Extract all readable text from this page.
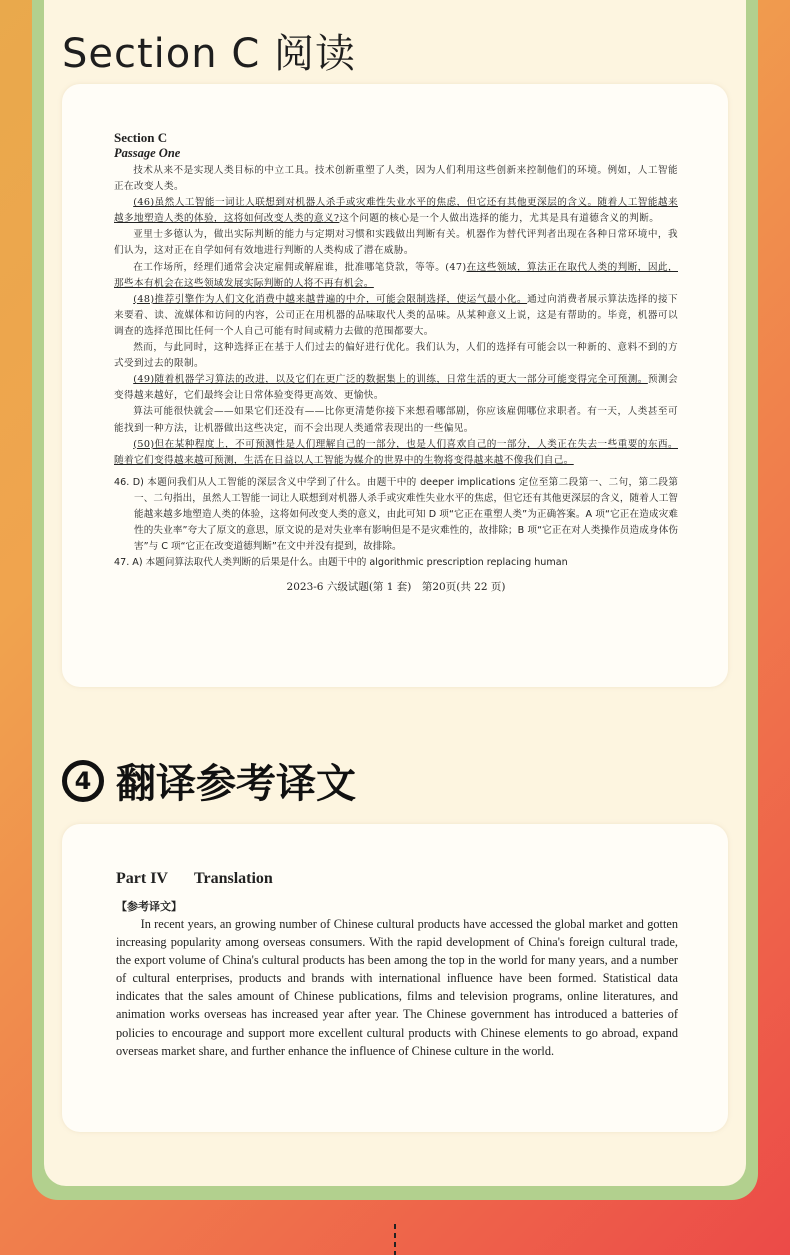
Section C 阅读
Section C
Passage One

技术从来不是实现人类目标的中立工具。技术创新重塑了人类，因为人们利用这些创新来控制他们的环境。例如，人工智能正在改变人类。

(46)虽然人工智能一词让人联想到对机器人杀手或灾难性失业水平的焦虑，但它还有其他更深层的含义。随着人工智能越来越多地塑造人类的体验，这将如何改变人类的意义?这个问题的核心是一个人做出选择的能力，尤其是具有道德含义的判断。

亚里士多德认为，做出实际判断的能力与定期对习惯和实践做出判断有关。机器作为替代评判者出现在各种日常环境中，我们认为，这对正在自学如何有效地进行判断的人类构成了潜在威胁。

在工作场所，经理们通常会决定雇佣或解雇谁，批准哪笔贷款，等等。(47)在这些领域，算法正在取代人类的判断，因此，那些本有机会在这些领域发展实际判断的人将不再有机会。

(48)推荐引擎作为人们文化消费中越来越普遍的中介，可能会限制选择，使运气最小化。通过向消费者展示算法选择的接下来要看、读、流媒体和访问的内容，公司正在用机器的品味取代人类的品味。从某种意义上说，这是有帮助的。毕竟，机器可以调查的选择范围比任何一个人自己可能有时间或精力去做的范围都要大。

然而，与此同时，这种选择正在基于人们过去的偏好进行优化。我们认为，人们的选择有可能会以一种新的、意料不到的方式受到过去的限制。

(49)随着机器学习算法的改进，以及它们在更广泛的数据集上的训练，日常生活的更大一部分可能变得完全可预测。预测会变得越来越好，它们最终会让日常体验变得更高效、更愉快。

算法可能很快就会——如果它们还没有——比你更清楚你接下来想看哪部剧，你应该雇佣哪位求职者。有一天，人类甚至可能找到一种方法，让机器做出这些决定，而不会出现人类通常表现出的一些偏见。

(50)但在某种程度上，不可预测性是人们理解自己的一部分，也是人们喜欢自己的一部分，人类正在失去一些重要的东西。随着它们变得越来越可预测，生活在日益以人工智能为媒介的世界中的生物将变得越来越不像我们自己。

46. D) 本题问我们从人工智能的深层含义中学到了什么。由题干中的 deeper implications 定位至第二段第一、二句，第二段第一、二句指出，虽然人工智能一词让人联想到对机器人杀手或灾难性失业水平的焦虑，但它还有其他更深层的含义，随着人工智能越来越多地塑造人类的体验，这将如何改变人类的意义，由此可知 D 项“它正在重塑人类”为正确答案。A 项“它正在造成灾难性的失业率”夸大了原文的意思，原文说的是对失业率有影响但是不是灾难性的，故排除；B 项“它正在对人类操作员造成身体伤害”与 C 项“它正在改变道德判断”在文中并没有提到，故排除。
47. A) 本题问算法取代人类判断的后果是什么。由题干中的 algorithmic prescription replacing human
2023-6 六级试题(第 1 套)　第20页(共 22 页)
4 翻译参考译文
Part IV Translation
【参考译文】

In recent years, an growing number of Chinese cultural products have accessed the global market and gotten increasing popularity among overseas consumers. With the rapid development of China's foreign cultural trade, the export volume of China's cultural products has been among the top in the world for many years, and a number of cultural enterprises, products and brands with international influence have been formed. Statistical data indicates that the sales amount of Chinese publications, films and television programs, online literatures, and animation works overseas has increased year after year. The Chinese government has introduced a batteries of policies to encourage and support more excellent cultural products with Chinese elements to go abroad, expand overseas market share, and further enhance the influence of Chinese culture in the world.
